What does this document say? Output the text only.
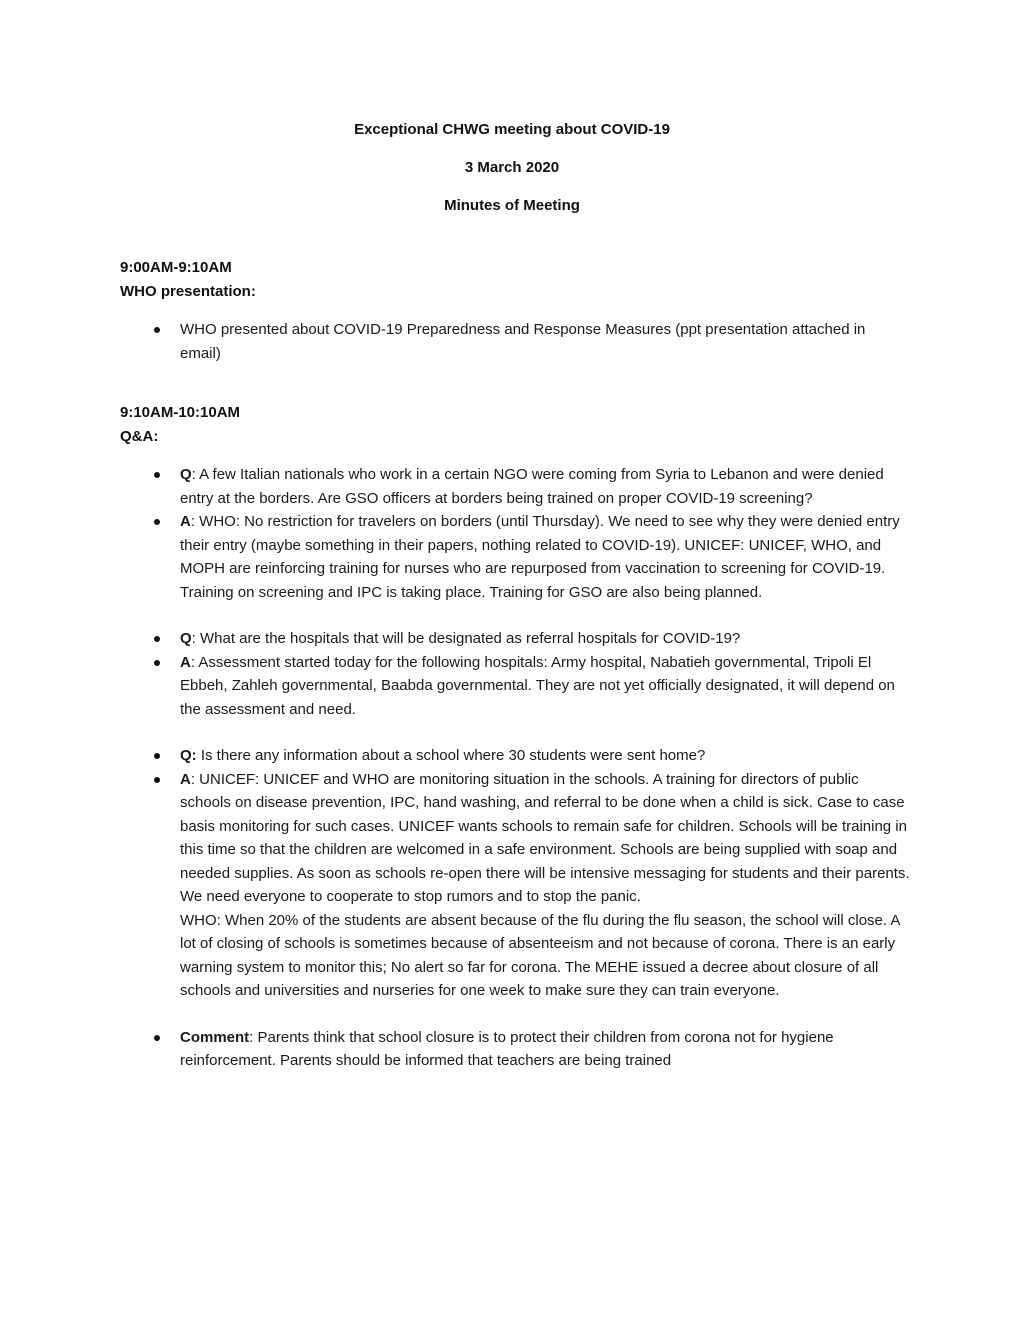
Exceptional CHWG meeting about COVID-19
3 March 2020
Minutes of Meeting

9:00AM-9:10AM

WHO presentation:

WHO presented about COVID-19 Preparedness and Response Measures (ppt presentation attached in email)

9:10AM-10:10AM

Q&A:

Q: A few Italian nationals who work in a certain NGO were coming from Syria to Lebanon and were denied entry at the borders. Are GSO officers at borders being trained on proper COVID-19 screening?
A: WHO: No restriction for travelers on borders (until Thursday). We need to see why they were denied entry their entry (maybe something in their papers, nothing related to COVID-19). UNICEF: UNICEF, WHO, and MOPH are reinforcing training for nurses who are repurposed from vaccination to screening for COVID-19. Training on screening and IPC is taking place. Training for GSO are also being planned.
Q: What are the hospitals that will be designated as referral hospitals for COVID-19?
A: Assessment started today for the following hospitals: Army hospital, Nabatieh governmental, Tripoli El Ebbeh, Zahleh governmental, Baabda governmental. They are not yet officially designated, it will depend on the assessment and need.
Q: Is there any information about a school where 30 students were sent home?
A: UNICEF: UNICEF and WHO are monitoring situation in the schools. A training for directors of public schools on disease prevention, IPC, hand washing, and referral to be done when a child is sick. Case to case basis monitoring for such cases. UNICEF wants schools to remain safe for children. Schools will be training in this time so that the children are welcomed in a safe environment. Schools are being supplied with soap and needed supplies. As soon as schools re-open there will be intensive messaging for students and their parents. We need everyone to cooperate to stop rumors and to stop the panic.
WHO: When 20% of the students are absent because of the flu during the flu season, the school will close. A lot of closing of schools is sometimes because of absenteeism and not because of corona. There is an early warning system to monitor this; No alert so far for corona. The MEHE issued a decree about closure of all schools and universities and nurseries for one week to make sure they can train everyone.
Comment: Parents think that school closure is to protect their children from corona not for hygiene reinforcement. Parents should be informed that teachers are being trained
